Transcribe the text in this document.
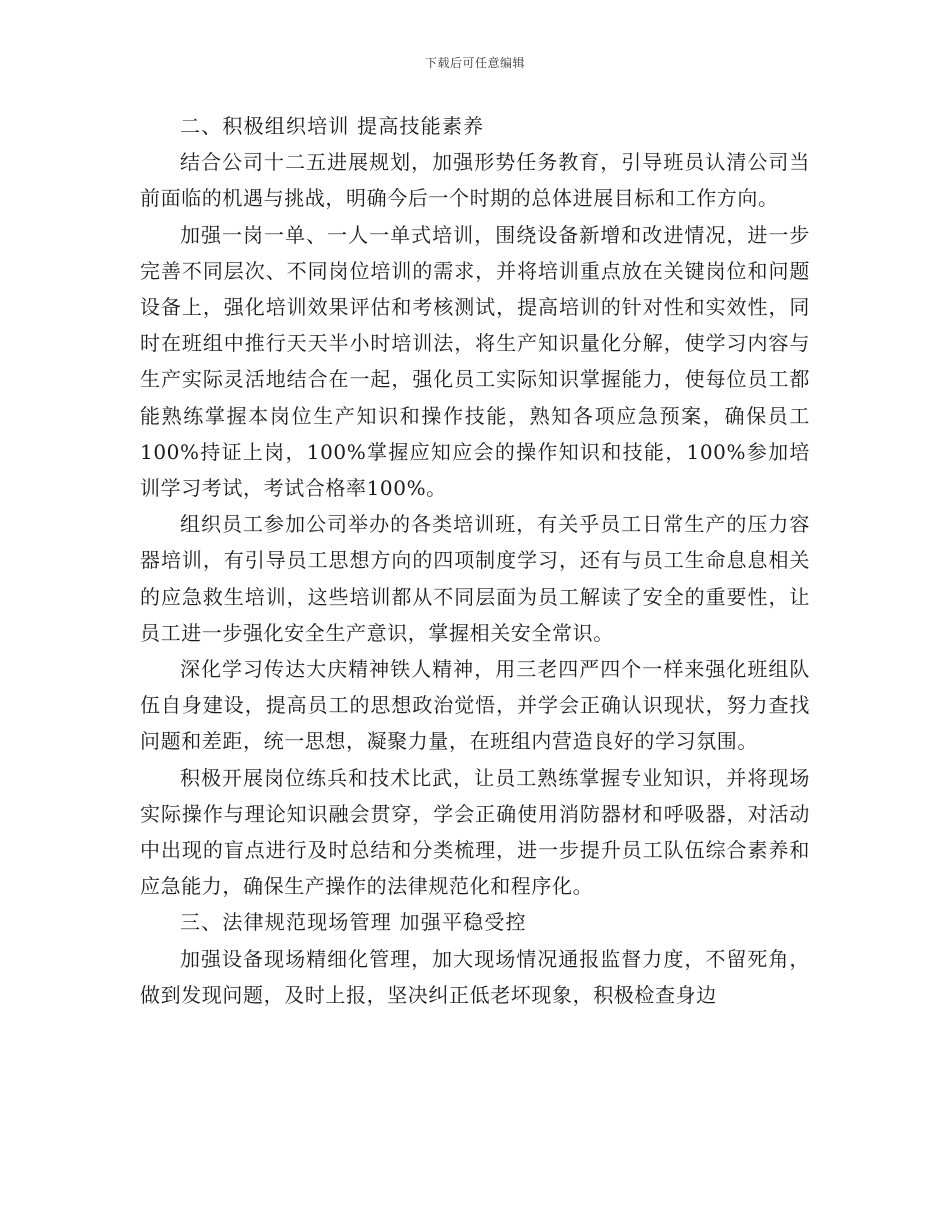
下载后可任意编辑

二、积极组织培训 提高技能素养

结合公司十二五进展规划，加强形势任务教育，引导班员认清公司当前面临的机遇与挑战，明确今后一个时期的总体进展目标和工作方向。

加强一岗一单、一人一单式培训，围绕设备新增和改进情况，进一步完善不同层次、不同岗位培训的需求，并将培训重点放在关键岗位和问题设备上，强化培训效果评估和考核测试，提高培训的针对性和实效性，同时在班组中推行天天半小时培训法，将生产知识量化分解，使学习内容与生产实际灵活地结合在一起，强化员工实际知识掌握能力，使每位员工都能熟练掌握本岗位生产知识和操作技能，熟知各项应急预案，确保员工100%持证上岗，100%掌握应知应会的操作知识和技能，100%参加培训学习考试，考试合格率100%。

组织员工参加公司举办的各类培训班，有关乎员工日常生产的压力容器培训，有引导员工思想方向的四项制度学习，还有与员工生命息息相关的应急救生培训，这些培训都从不同层面为员工解读了安全的重要性，让员工进一步强化安全生产意识，掌握相关安全常识。

深化学习传达大庆精神铁人精神，用三老四严四个一样来强化班组队伍自身建设，提高员工的思想政治觉悟，并学会正确认识现状，努力查找问题和差距，统一思想，凝聚力量，在班组内营造良好的学习氛围。

积极开展岗位练兵和技术比武，让员工熟练掌握专业知识，并将现场实际操作与理论知识融会贯穿，学会正确使用消防器材和呼吸器，对活动中出现的盲点进行及时总结和分类梳理，进一步提升员工队伍综合素养和应急能力，确保生产操作的法律规范化和程序化。

三、法律规范现场管理 加强平稳受控

加强设备现场精细化管理，加大现场情况通报监督力度，不留死角，做到发现问题，及时上报，坚决纠正低老坏现象，积极检查身边
